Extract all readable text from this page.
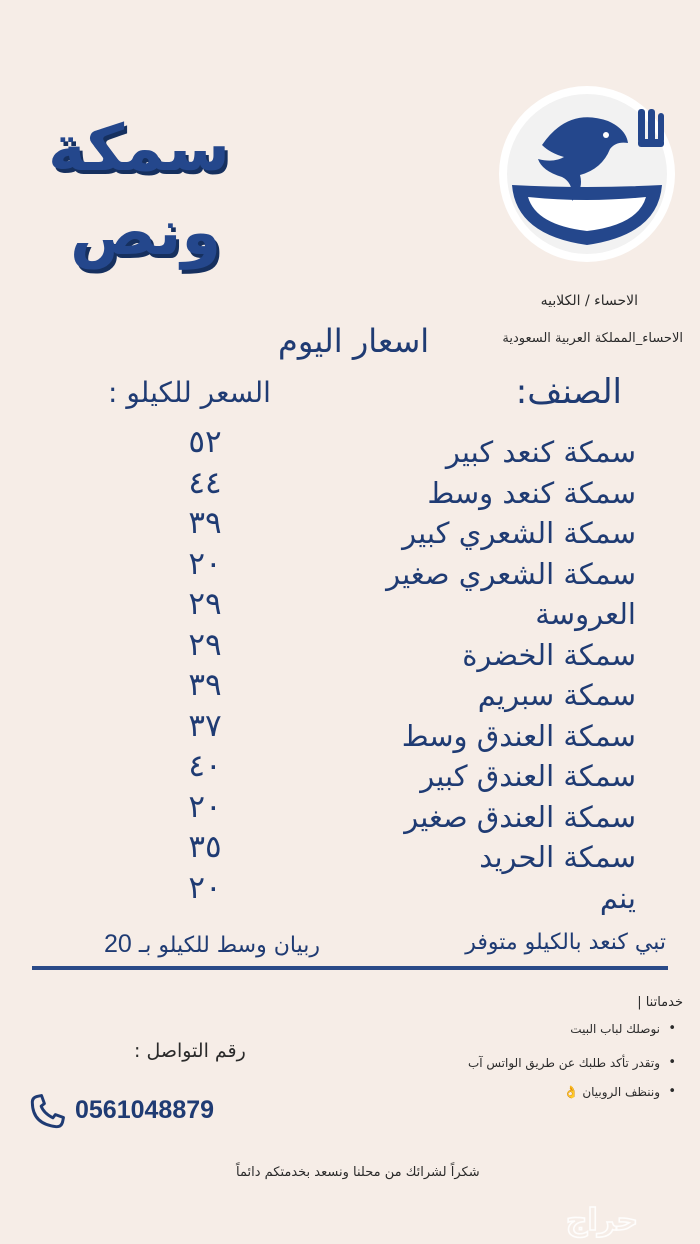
سمكة
ونص
الاحساء / الكلابيه
الاحساء_المملكة العربية السعودية
اسعار اليوم
الصنف:
السعر للكيلو :
سمكة كنعد كبير
سمكة كنعد وسط
سمكة الشعري كبير
سمكة الشعري صغير
العروسة
سمكة الخضرة
سمكة سبريم
سمكة العندق وسط
سمكة العندق كبير
سمكة العندق صغير
سمكة الحريد
ينم
٥٢
٤٤
٣٩
٢٠
٢٩
٢٩
٣٩
٣٧
٤٠
٢٠
٣٥
٢٠
تبي كنعد بالكيلو متوفر
ربيان وسط للكيلو بـ 20
خدماتنا |
• نوصلك لباب البيت
• وتقدر تأكد طلبك عن طريق الواتس آب
• وننظف الروبيان 👌
رقم التواصل :
0561048879
شكراً لشرائك من محلنا ونسعد بخدمتكم دائماً
حراج
